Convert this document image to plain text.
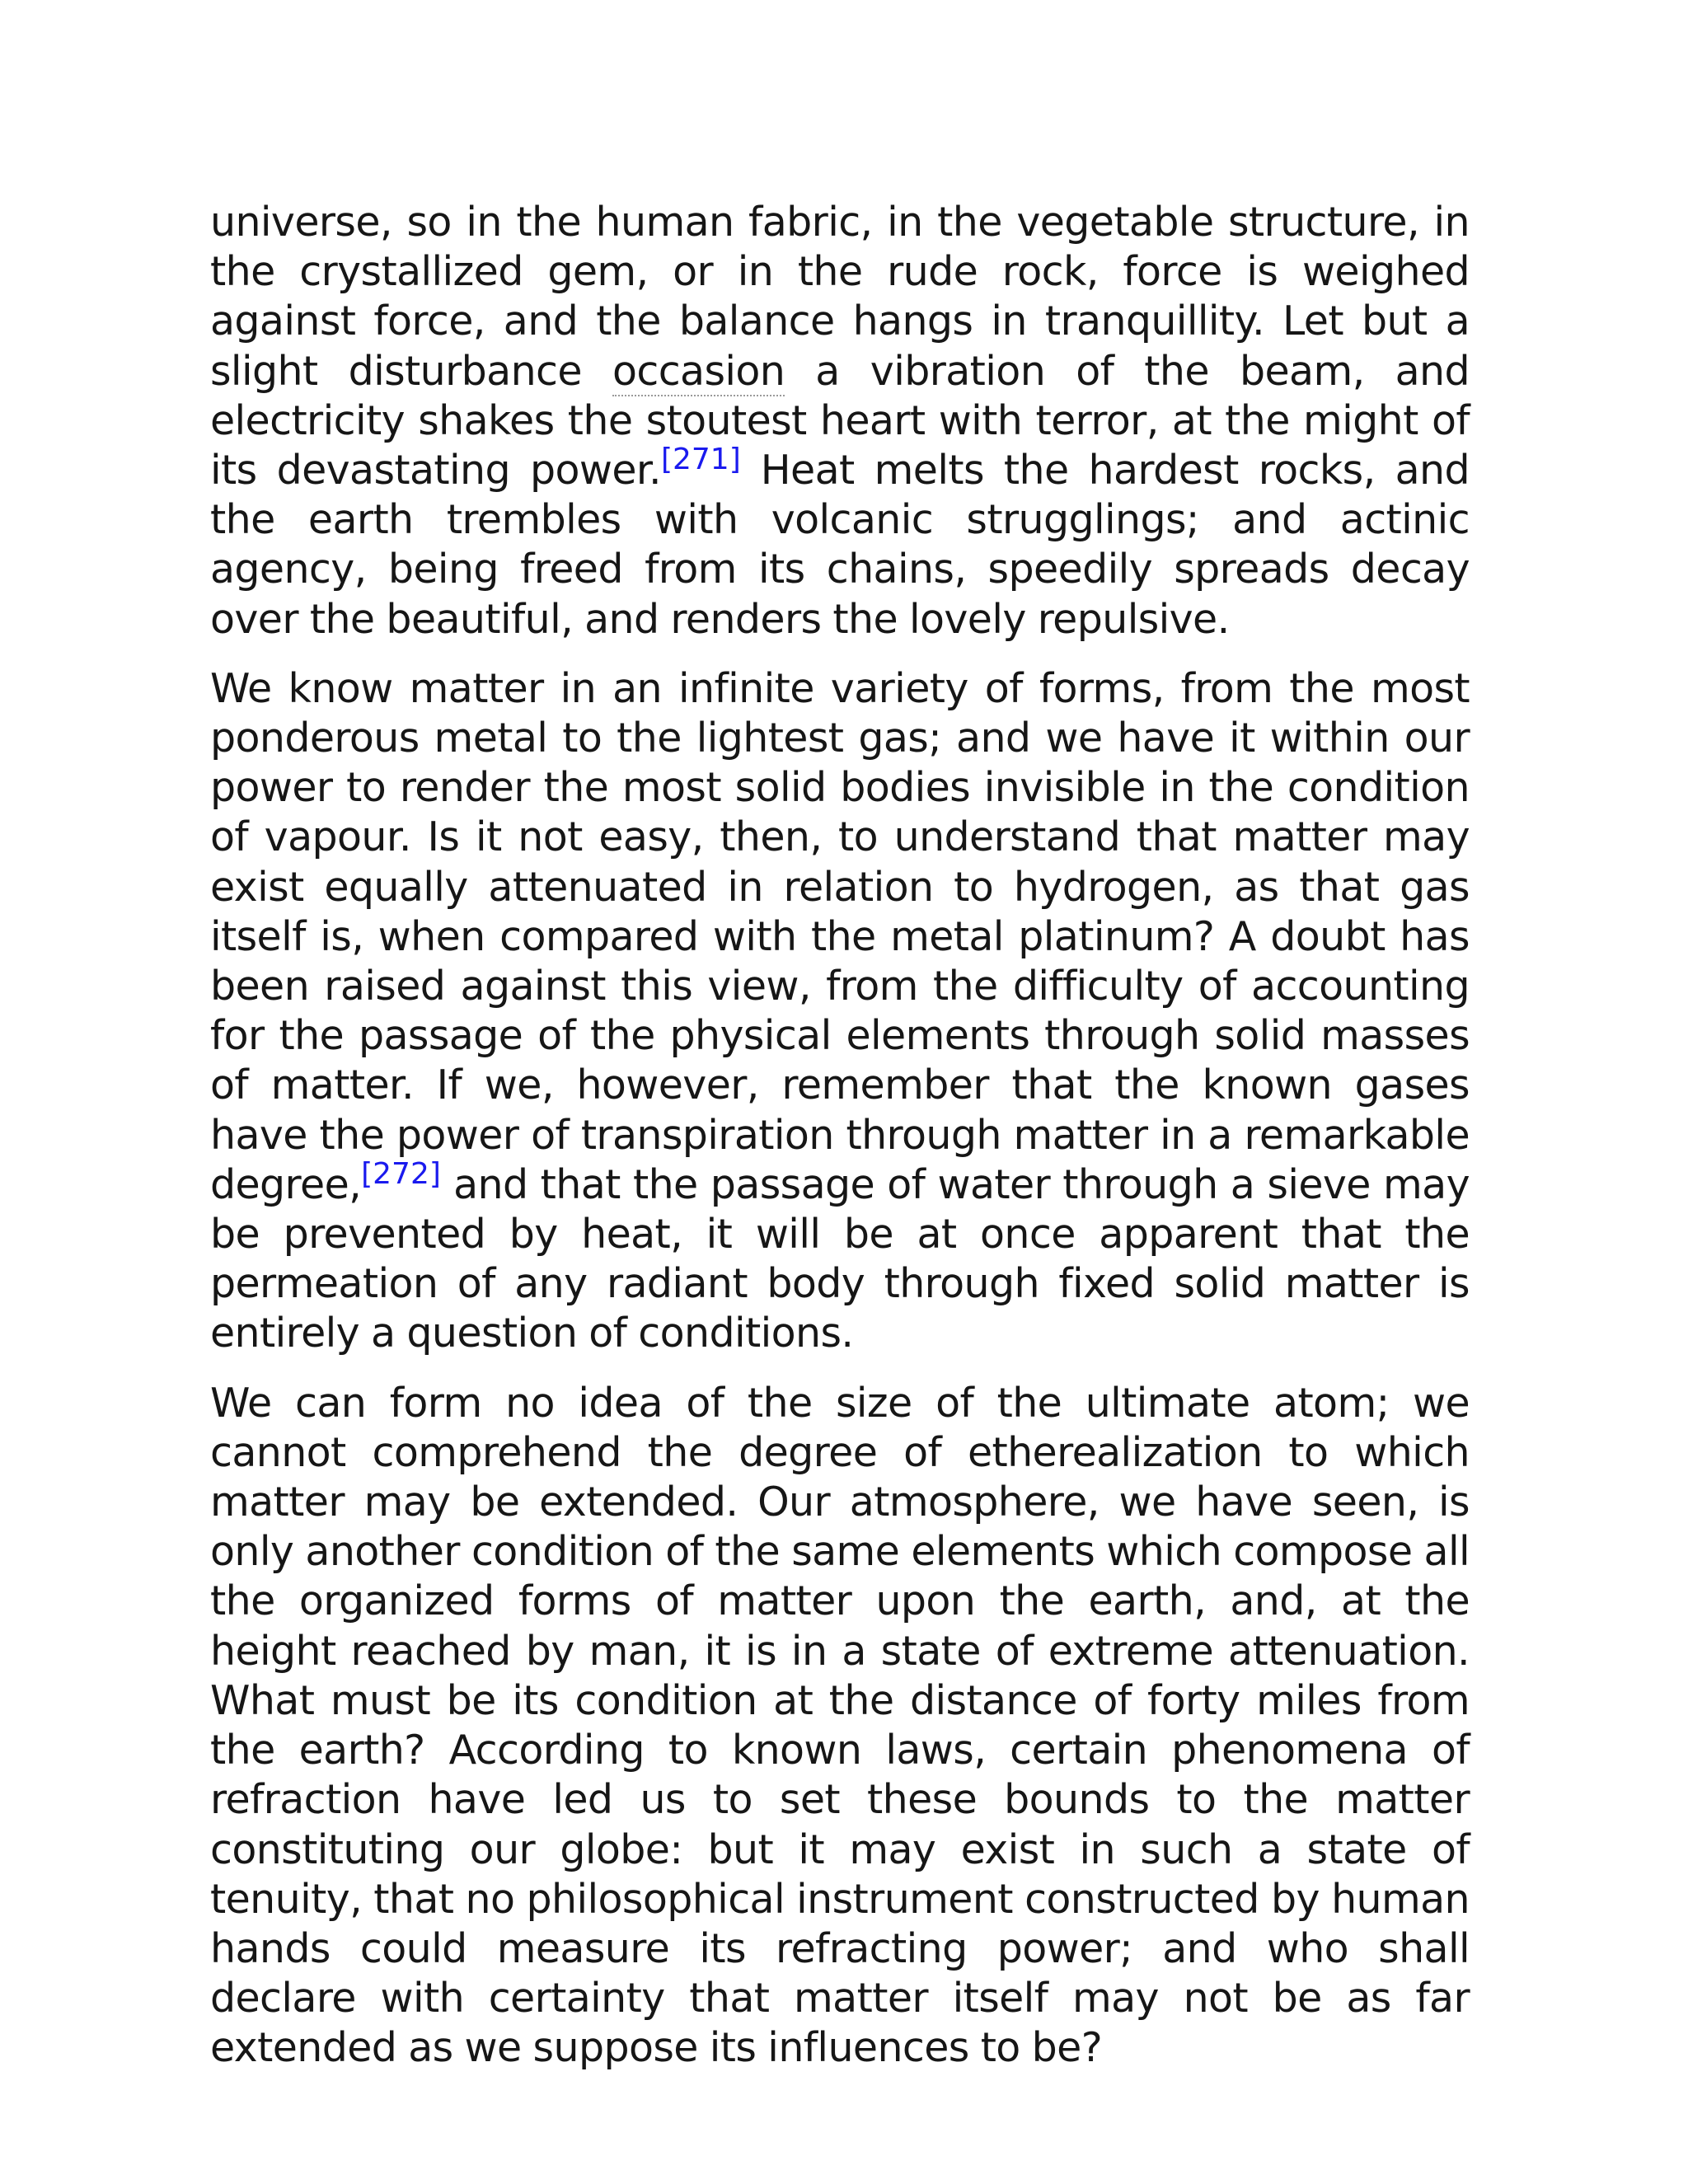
universe, so in the human fabric, in the vegetable structure, in the crystallized gem, or in the rude rock, force is weighed against force, and the balance hangs in tranquillity. Let but a slight disturbance occasion a vibration of the beam, and electricity shakes the stoutest heart with terror, at the might of its devastating power.[271] Heat melts the hardest rocks, and the earth trembles with volcanic strugglings; and actinic agency, being freed from its chains, speedily spreads decay over the beautiful, and renders the lovely repulsive.

We know matter in an infinite variety of forms, from the most ponderous metal to the lightest gas; and we have it within our power to render the most solid bodies invisible in the condition of vapour. Is it not easy, then, to understand that matter may exist equally attenuated in relation to hydrogen, as that gas itself is, when compared with the metal platinum? A doubt has been raised against this view, from the difficulty of accounting for the passage of the physical elements through solid masses of matter. If we, however, remember that the known gases have the power of transpiration through matter in a remarkable degree,[272] and that the passage of water through a sieve may be prevented by heat, it will be at once apparent that the permeation of any radiant body through fixed solid matter is entirely a question of conditions.

We can form no idea of the size of the ultimate atom; we cannot comprehend the degree of etherealization to which matter may be extended. Our atmosphere, we have seen, is only another condition of the same elements which compose all the organized forms of matter upon the earth, and, at the height reached by man, it is in a state of extreme attenuation. What must be its condition at the distance of forty miles from the earth? According to known laws, certain phenomena of refraction have led us to set these bounds to the matter constituting our globe: but it may exist in such a state of tenuity, that no philosophical instrument constructed by human hands could measure its refracting power; and who shall declare with certainty that matter itself may not be as far extended as we suppose its influences to be?
